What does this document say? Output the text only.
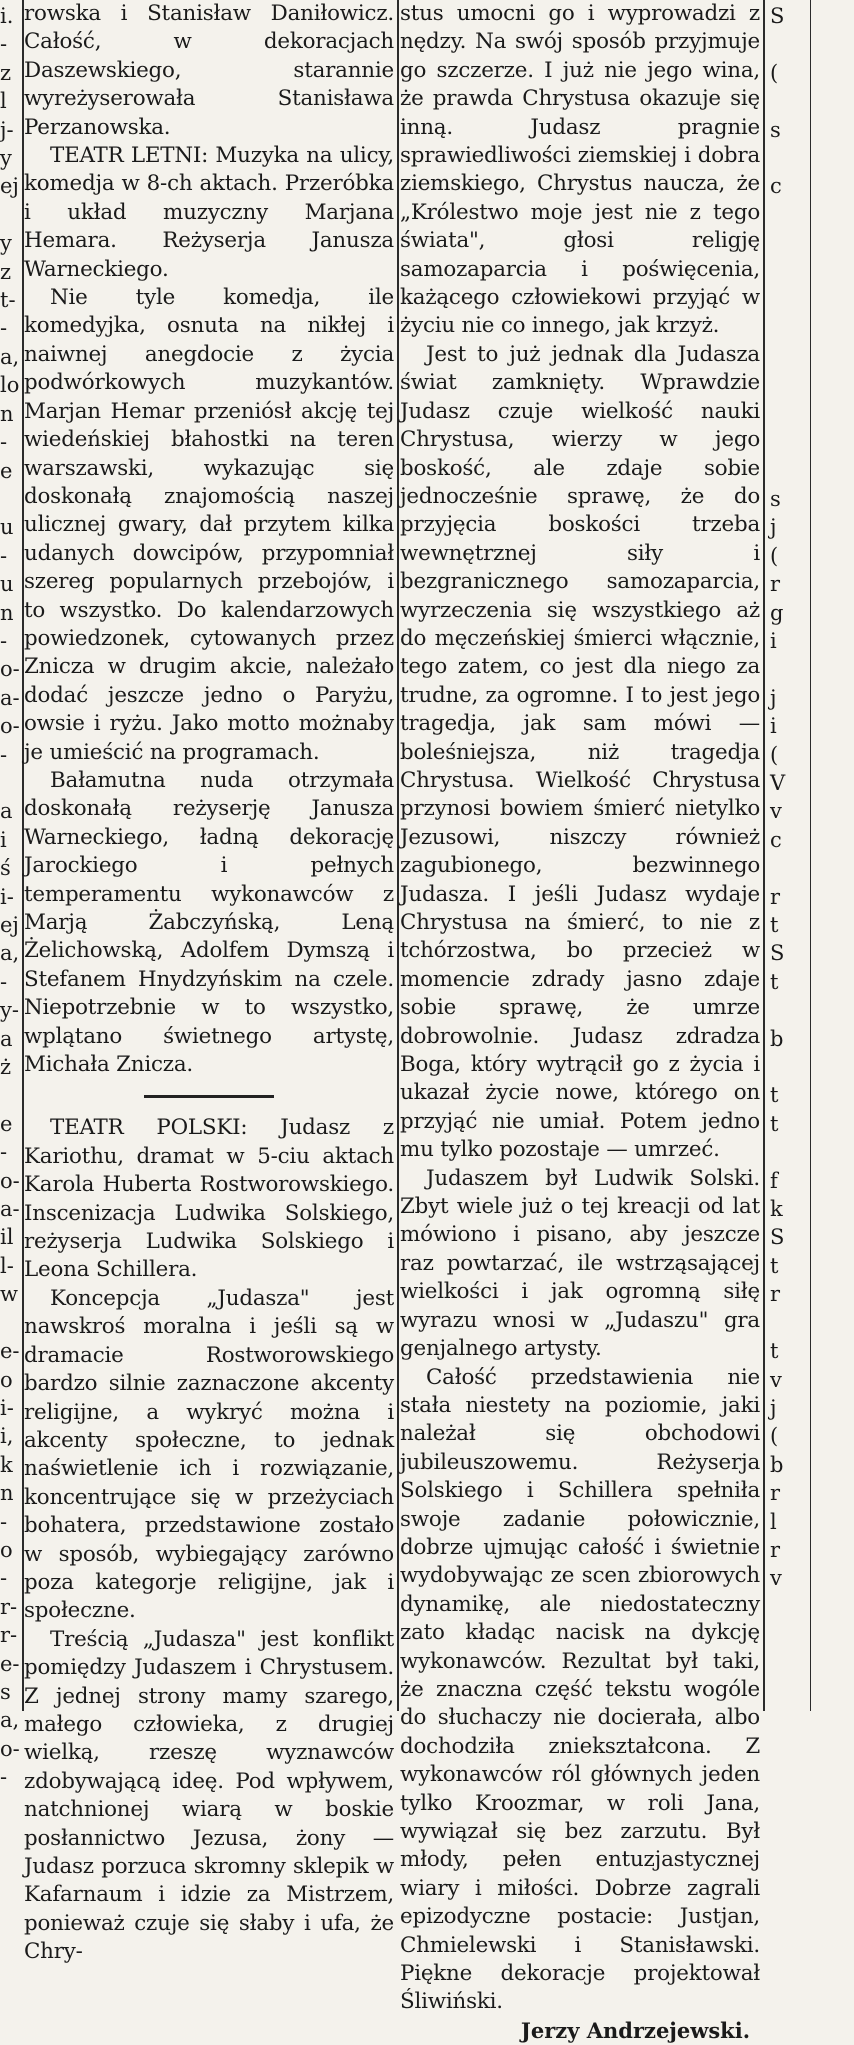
i.
-
z
l
j-
y
ej

y
z
t-
-
a,
lo
n
-
e

u
-
u
n
-
o-
a-
o-
-

a
i
ś
i-
ej
a,
-
y-
a
ż

e
-
o-
a-
il
l-
w

e-
o
i-
i,
k
n
-
o
-
r-
r-
e-
s
a,
o-
-

rowska i Stanisław Daniłowicz. Całość, w dekoracjach Daszewskiego, starannie wyreżyserowała Stanisława Perzanowska.

TEATR LETNI: Muzyka na ulicy, komedja w 8-ch aktach. Przeróbka i układ muzyczny Marjana Hemara. Reżyserja Janusza Warneckiego.

Nie tyle komedja, ile komedyjka, osnuta na nikłej i naiwnej anegdocie z życia podwórkowych muzykantów. Marjan Hemar przeniósł akcję tej wiedeńskiej błahostki na teren warszawski, wykazując się doskonałą znajomością naszej ulicznej gwary, dał przytem kilka udanych dowcipów, przypomniał szereg popularnych przebojów, i to wszystko. Do kalendarzowych powiedzonek, cytowanych przez Znicza w drugim akcie, należało dodać jeszcze jedno o Paryżu, owsie i ryżu. Jako motto możnaby je umieścić na programach.

Bałamutna nuda otrzymała doskonałą reżyserję Janusza Warneckiego, ładną dekorację Jarockiego i pełnych temperamentu wykonawców z Marją Żabczyńską, Leną Żelichowską, Adolfem Dymszą i Stefanem Hnydzyńskim na czele. Niepotrzebnie w to wszystko, wplątano świetnego artystę, Michała Znicza.

TEATR POLSKI: Judasz z Kariothu, dramat w 5-ciu aktach Karola Huberta Rostworowskiego. Inscenizacja Ludwika Solskiego, reżyserja Ludwika Solskiego i Leona Schillera.

Koncepcja „Judasza" jest nawskroś moralna i jeśli są w dramacie Rostworowskiego bardzo silnie zaznaczone akcenty religijne, a wykryć można i akcenty społeczne, to jednak naświetlenie ich i rozwiązanie, koncentrujące się w przeżyciach bohatera, przedstawione zostało w sposób, wybiegający zarówno poza kategorje religijne, jak i społeczne.

Treścią „Judasza" jest konflikt pomiędzy Judaszem i Chrystusem. Z jednej strony mamy szarego, małego człowieka, z drugiej wielką, rzeszę wyznawców zdobywającą ideę. Pod wpływem, natchnionej wiarą w boskie posłannictwo Jezusa, żony — Judasz porzuca skromny sklepik w Kafarnaum i idzie za Mistrzem, ponieważ czuje się słaby i ufa, że Chry-

stus umocni go i wyprowadzi z nędzy. Na swój sposób przyjmuje go szczerze. I już nie jego wina, że prawda Chrystusa okazuje się inną. Judasz pragnie sprawiedliwości ziemskiej i dobra ziemskiego, Chrystus naucza, że „Królestwo moje jest nie z tego świata", głosi religję samozaparcia i poświęcenia, każącego człowiekowi przyjąć w życiu nie co innego, jak krzyż.

Jest to już jednak dla Judasza świat zamknięty. Wprawdzie Judasz czuje wielkość nauki Chrystusa, wierzy w jego boskość, ale zdaje sobie jednocześnie sprawę, że do przyjęcia boskości trzeba wewnętrznej siły i bezgranicznego samozaparcia, wyrzeczenia się wszystkiego aż do męczeńskiej śmierci włącznie, tego zatem, co jest dla niego za trudne, za ogromne. I to jest jego tragedja, jak sam mówi — boleśniejsza, niż tragedja Chrystusa. Wielkość Chrystusa przynosi bowiem śmierć nietylko Jezusowi, niszczy również zagubionego, bezwinnego Judasza. I jeśli Judasz wydaje Chrystusa na śmierć, to nie z tchórzostwa, bo przecież w momencie zdrady jasno zdaje sobie sprawę, że umrze dobrowolnie. Judasz zdradza Boga, który wytrącił go z życia i ukazał życie nowe, którego on przyjąć nie umiał. Potem jedno mu tylko pozostaje — umrzeć.

Judaszem był Ludwik Solski. Zbyt wiele już o tej kreacji od lat mówiono i pisano, aby jeszcze raz powtarzać, ile wstrząsającej wielkości i jak ogromną siłę wyrazu wnosi w „Judaszu" gra genjalnego artysty.

Całość przedstawienia nie stała niestety na poziomie, jaki należał się obchodowi jubileuszowemu. Reżyserja Solskiego i Schillera spełniła swoje zadanie połowicznie, dobrze ujmując całość i świetnie wydobywając ze scen zbiorowych dynamikę, ale niedostateczny zato kładąc nacisk na dykcję wykonawców. Rezultat był taki, że znaczna część tekstu wogóle do słuchaczy nie docierała, albo dochodziła zniekształcona. Z wykonawców ról głównych jeden tylko Kroozmar, w roli Jana, wywiązał się bez zarzutu. Był młody, pełen entuzjastycznej wiary i miłości. Dobrze zagrali epizodyczne postacie: Justjan, Chmielewski i Stanisławski. Piękne dekoracje projektował Śliwiński.

Jerzy Andrzejewski.

S

(

s

c

s
j
(
r
g
i

j
i
(
V
v
c

r
t
S
t

b

t
t

f
k
S
t
r

t
v
j
(
b
r
l
r
v
